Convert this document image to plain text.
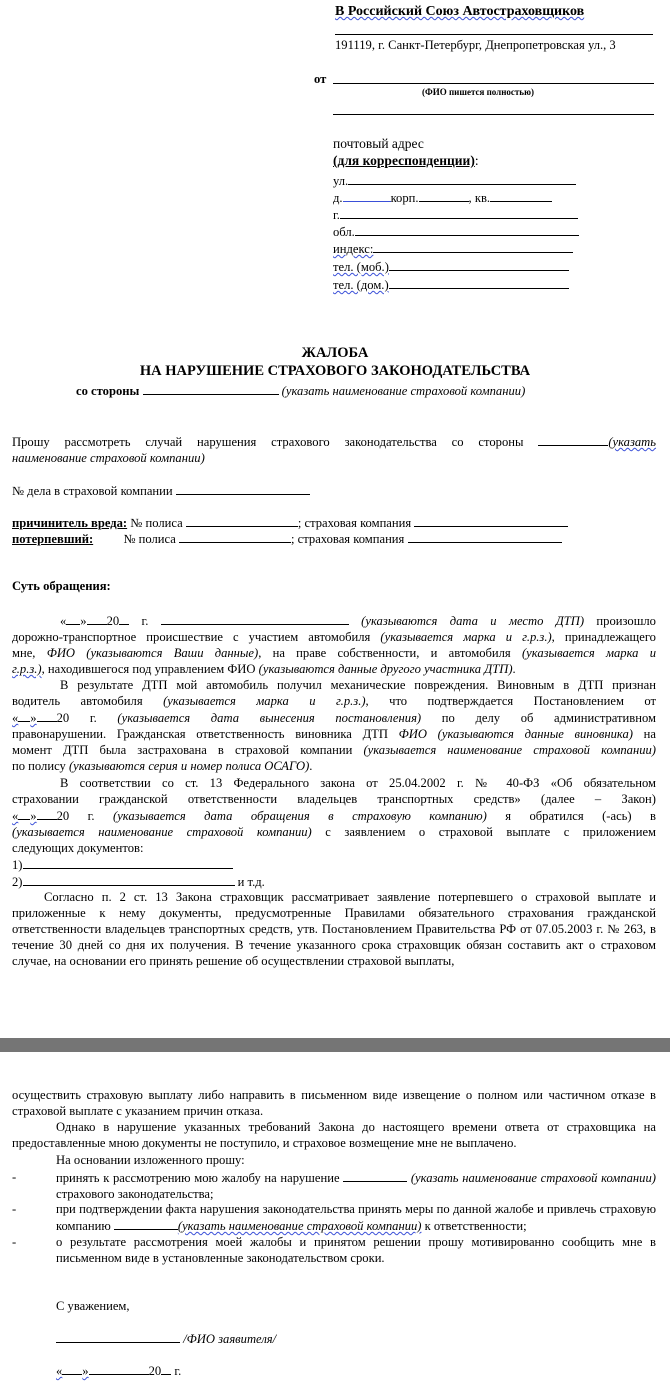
В Российский Союз Автостраховщиков
191119, г. Санкт-Петербург, Днепропетровская ул., 3
от
(ФИО пишется полностью)
почтовый адрес
(для корреспонденции):
ул.
д.	корп.	, кв.
г.
обл.
индекс:
тел. (моб.)
тел. (дом.)
ЖАЛОБА
НА НАРУШЕНИЕ СТРАХОВОГО ЗАКОНОДАТЕЛЬСТВА
со стороны	(указать наименование страховой компании)
Прошу рассмотреть случай нарушения страхового законодательства со стороны	(указать
наименование страховой компании)
№ дела в страховой компании
причинитель вреда: № полиса	; страховая компания
потерпевший: № полиса	; страховая компания
Суть обращения:
« » 20 г.	(указываются дата и место ДТП) произошло
дорожно-транспортное происшествие с участием автомобиля (указывается марка и г.р.з.), принадлежащего
мне, ФИО (указываются Ваши данные), на праве собственности, и автомобиля (указывается марка и
г.р.з.), находившегося под управлением ФИО (указываются данные другого участника ДТП).
В результате ДТП мой автомобиль получил механические повреждения. Виновным в ДТП признан
водитель автомобиля (указывается марка и г.р.з.), что подтверждается Постановлением от
« » 20 г. (указывается дата вынесения постановления) по делу об административном
правонарушении. Гражданская ответственность виновника ДТП ФИО (указываются данные виновника) на
момент ДТП была застрахована в страховой компании (указывается наименование страховой компании)
по полису (указываются серия и номер полиса ОСАГО).
В соответствии со ст. 13 Федерального закона от 25.04.2002 г. № 40-ФЗ «Об обязательном
страховании гражданской ответственности владельцев транспортных средств» (далее – Закон)
« » 20 г. (указывается дата обращения в страховую компанию) я обратился (-ась) в
(указывается наименование страховой компании) с заявлением о страховой выплате с приложением
следующих документов:
1)
2)	и т.д.
Согласно п. 2 ст. 13 Закона страховщик рассматривает заявление потерпевшего о страховой выплате и приложенные к нему документы, предусмотренные Правилами обязательного страхования гражданской ответственности владельцев транспортных средств, утв. Постановлением Правительства РФ от 07.05.2003 г. № 263, в течение 30 дней со дня их получения. В течение указанного срока страховщик обязан составить акт о страховом случае, на основании его принять решение об осуществлении страховой выплаты,
осуществить страховую выплату либо направить в письменном виде извещение о полном или частичном отказе в страховой выплате с указанием причин отказа.
Однако в нарушение указанных требований Закона до настоящего времени ответа от страховщика на предоставленные мною документы не поступило, и страховое возмещение мне не выплачено.
На основании изложенного прошу:
-	принять к рассмотрению мою жалобу на нарушение	(указать наименование страховой компании) страхового законодательства;
-	при подтверждении факта нарушения законодательства принять меры по данной жалобе и привлечь страховую компанию	(указать наименование страховой компании) к ответственности;
-	о результате рассмотрения моей жалобы и принятом решении прошу мотивированно сообщить мне в письменном виде в установленные законодательством сроки.
С уважением,
/ФИО заявителя/
« »	20 г.
